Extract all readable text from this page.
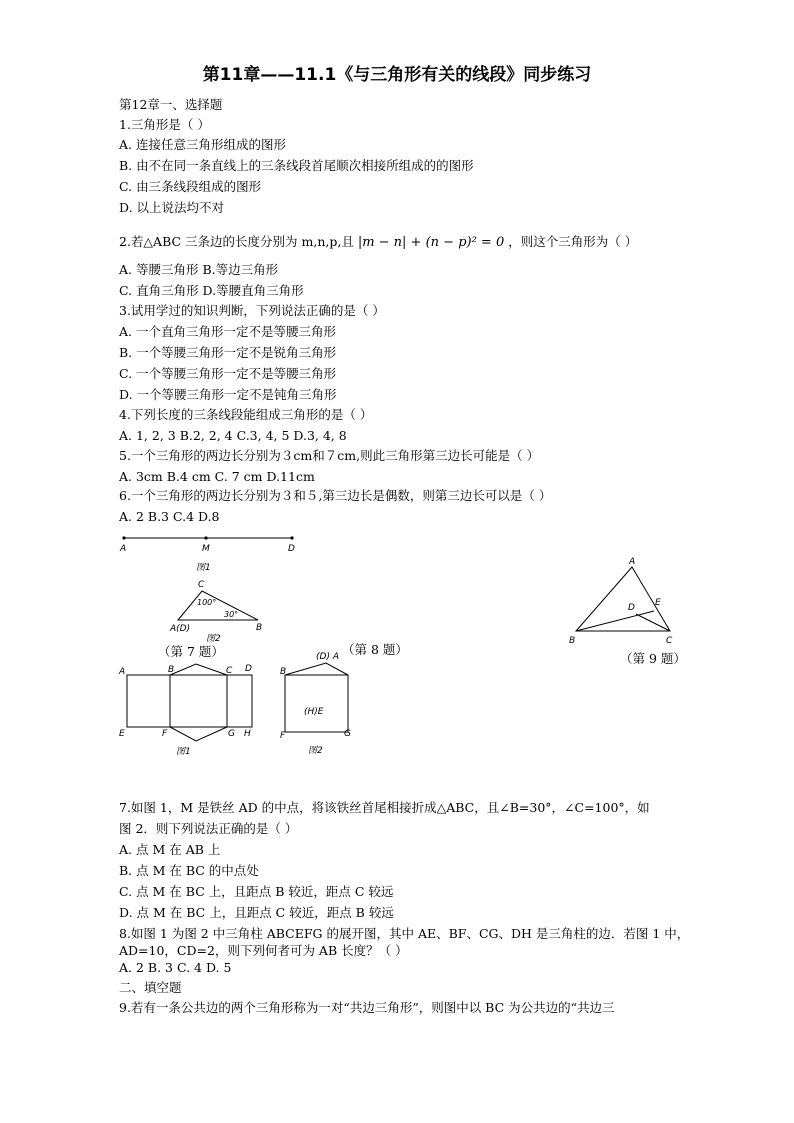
第11章——11.1《与三角形有关的线段》同步练习
第12章一、选择题
1.三角形是（ ）
A. 连接任意三角形组成的图形
B. 由不在同一条直线上的三条线段首尾顺次相接所组成的的图形
C. 由三条线段组成的图形
D. 以上说法均不对
2.若△ABC 三条边的长度分别为 m,n,p,且 |m − n| + (n − p)² = 0 ，则这个三角形为（ ）
A. 等腰三角形 B.等边三角形
C. 直角三角形 D.等腰直角三角形
3.试用学过的知识判断，下列说法正确的是（ ）
A. 一个直角三角形一定不是等腰三角形
B. 一个等腰三角形一定不是锐角三角形
C. 一个等腰三角形一定不是等腰三角形
D. 一个等腰三角形一定不是钝角三角形
4.下列长度的三条线段能组成三角形的是（ ）
A. 1, 2, 3 B.2, 2, 4 C.3, 4, 5 D.3, 4, 8
5.一个三角形的两边长分别为３cm和７cm,则此三角形第三边长可能是（ ）
A. 3cm B.4 cm C. 7 cm D.11cm
6.一个三角形的两边长分别为３和５,第三边长是偶数，则第三边长可以是（ ）
A. 2 B.3 C.4 D.8
A	M	D
图1
C
100°
30°
A(D)	B
图2
（第 7 题）	（第 8 题）
A	B	C D
E	F	G H
图1
(D) A
B
(H)E
F	G
图2
A
E
D
B	C
（第 9 题）
7.如图 1，M 是铁丝 AD 的中点，将该铁丝首尾相接折成△ABC，且∠B=30°，∠C=100°，如
图 2．则下列说法正确的是（ ）
A. 点 M 在 AB 上
B. 点 M 在 BC 的中点处
C. 点 M 在 BC 上，且距点 B 较近，距点 C 较远
D. 点 M 在 BC 上，且距点 C 较近，距点 B 较远
8.如图 1 为图 2 中三角柱 ABCEFG 的展开图，其中 AE、BF、CG、DH 是三角柱的边．若图 1 中，
AD=10，CD=2，则下列何者可为 AB 长度？（ ）
A. 2 B. 3 C. 4 D. 5
二、填空题
9.若有一条公共边的两个三角形称为一对“共边三角形”，则图中以 BC 为公共边的“共边三
